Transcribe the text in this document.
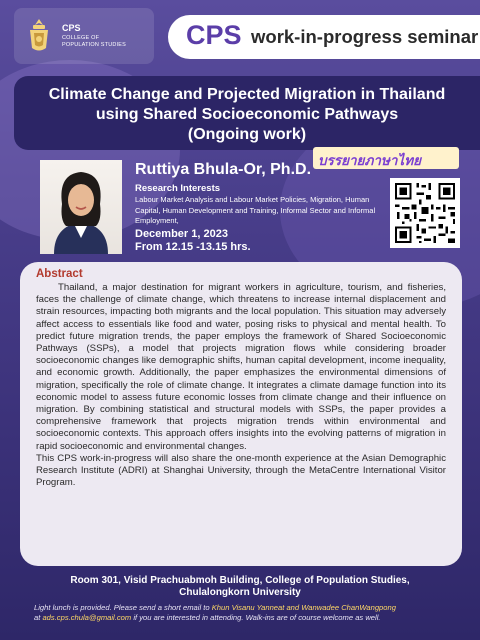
CPS
COLLEGE OF
POPULATION STUDIES CPS work-in-progress seminar
Climate Change and Projected Migration in Thailand
using Shared Socioeconomic Pathways
(Ongoing work)
บรรยายภาษาไทย
Ruttiya Bhula-Or, Ph.D.
Research Interests
Labour Market Analysis and Labour Market Policies, Migration, Human Capital, Human Development and Training, Informal Sector and Informal Employment,
December 1, 2023
From 12.15 -13.15 hrs.
Abstract

Thailand, a major destination for migrant workers in agriculture, tourism, and fisheries, faces the challenge of climate change, which threatens to increase internal displacement and strain resources, impacting both migrants and the local population. This situation may adversely affect access to essentials like food and water, posing risks to physical and mental health. To predict future migration trends, the paper employs the framework of Shared Socioeconomic Pathways (SSPs), a model that projects migration flows while considering broader socioeconomic changes like demographic shifts, human capital development, income inequality, and economic growth. Additionally, the paper emphasizes the environmental dimensions of migration, specifically the role of climate change. It integrates a climate damage function into its economic model to assess future economic losses from climate change and their influence on migration. By combining statistical and structural models with SSPs, the paper provides a comprehensive framework that projects migration trends within environmental and socioeconomic contexts. This approach offers insights into the evolving patterns of migration in rapid socioeconomic and environmental changes.

This CPS work-in-progress will also share the one-month experience at the Asian Demographic Research Institute (ADRI) at Shanghai University, through the MetaCentre International Visitor Program.

Room 301, Visid Prachuabmoh Building, College of Population Studies,
Chulalongkorn University
Light lunch is provided. Please send a short email to Khun Visanu Yanneat and Wanwadee ChanWangpong
at ads.cps.chula@gmail.com if you are interested in attending. Walk-ins are of course welcome as well.
